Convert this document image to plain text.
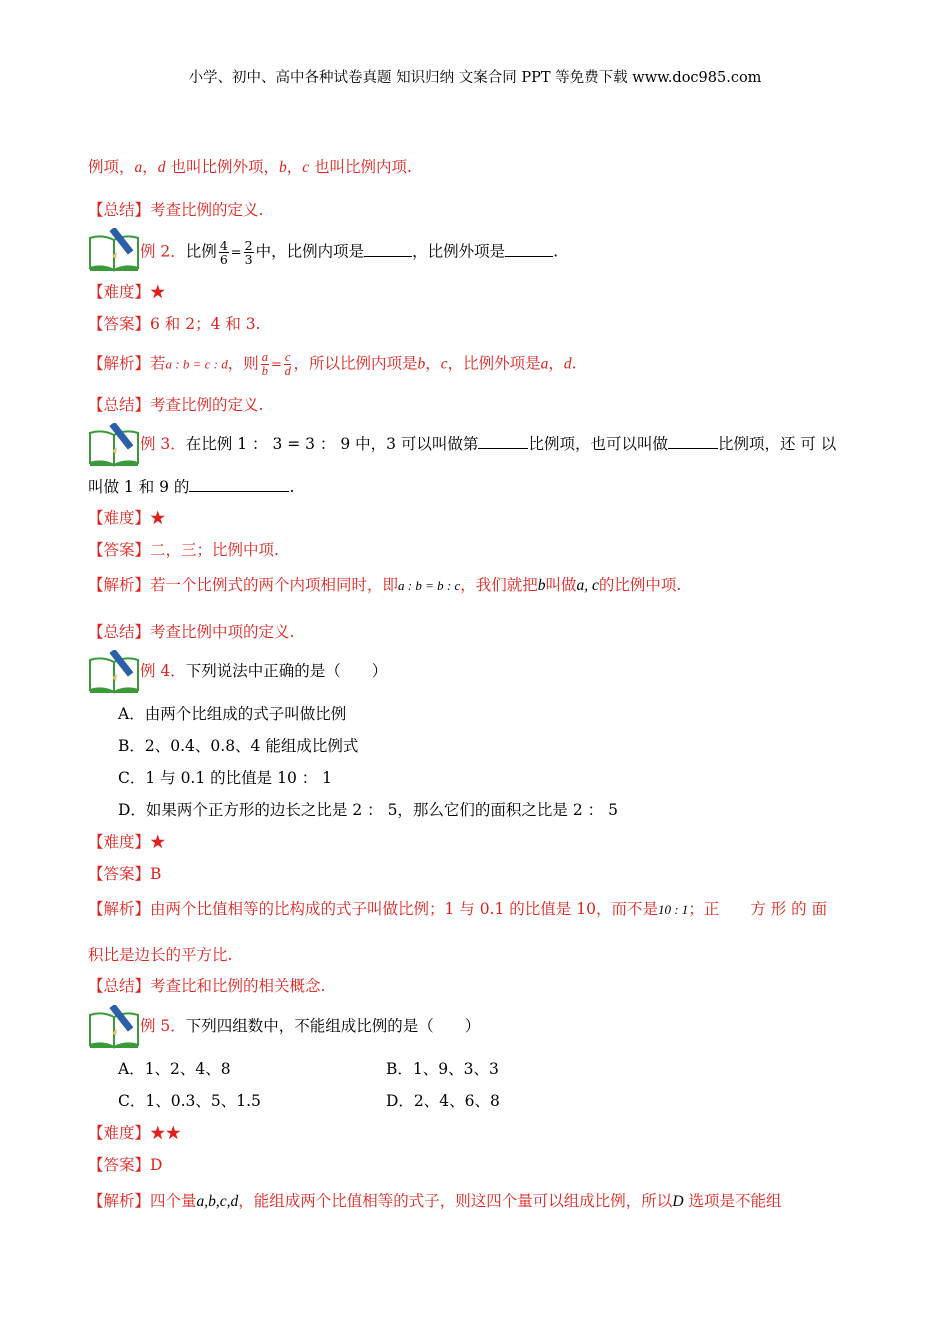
小学、初中、高中各种试卷真题 知识归纳 文案合同 PPT 等免费下载 www.doc985.com
例项，a，d 也叫比例外项，b，c 也叫比例内项.
【总结】考查比例的定义.
例 2．比例 $\frac{4}{6} = \frac{2}{3}$ 中，比例内项是	，比例外项是	.
【难度】★
【答案】6 和 2；4 和 3.
【解析】若a : b = c : d，则 $\frac{a}{b} = \frac{c}{d}$ ，所以比例内项是b，c，比例外项是a，d.
【总结】考查比例的定义.
例 3．在比例 1 ： 3 = 3 ： 9 中，3 可以叫做第	比例项，也可以叫做	比例项，还 可 以
叫做 1 和 9 的	.
【难度】★
【答案】二，三；比例中项.
【解析】若一个比例式的两个内项相同时，即a : b = b : c，我们就把b叫做a, c的比例中项.
【总结】考查比例中项的定义.
例 4．下列说法中正确的是（　　）
A．由两个比组成的式子叫做比例
B．2、0.4、0.8、4 能组成比例式
C．1 与 0.1 的比值是 10 ： 1
D．如果两个正方形的边长之比是 2 ： 5，那么它们的面积之比是 2 ： 5
【难度】★
【答案】B
【解析】由两个比值相等的比构成的式子叫做比例；1 与 0.1 的比值是 10，而不是10 : 1；正　　方 形 的 面
积比是边长的平方比.
【总结】考查比和比例的相关概念.
例 5．下列四组数中，不能组成比例的是（　　）
A．1、2、4、8	B．1、9、3、3
C．1、0.3、5、1.5	D．2、4、6、8
【难度】★★
【答案】D
【解析】四个量a,b,c,d，能组成两个比值相等的式子，则这四个量可以组成比例，所以D 选项是不能组
